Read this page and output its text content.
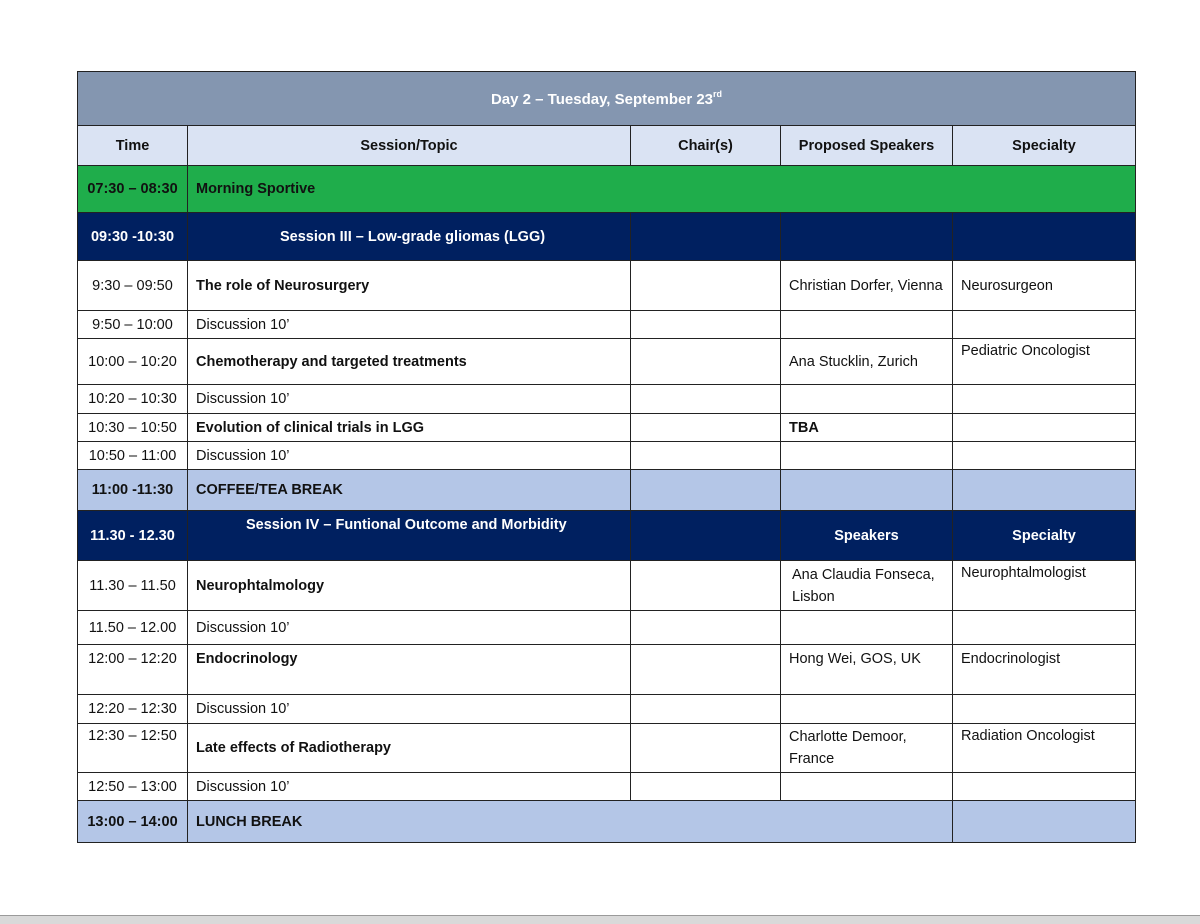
Day 2 – Tuesday, September 23rd
Time	Session/Topic	Chair(s)	Proposed Speakers	Specialty
07:30 – 08:30	Morning Sportive			
09:30 -10:30	Session III – Low-grade gliomas (LGG)			
9:30 – 09:50	The role of Neurosurgery		Christian Dorfer, Vienna	Neurosurgeon
9:50 – 10:00	Discussion 10’			
10:00 – 10:20	Chemotherapy and targeted treatments		Ana Stucklin, Zurich	Pediatric Oncologist
10:20 – 10:30	Discussion 10’			
10:30 – 10:50	Evolution of clinical trials in LGG		TBA	
10:50 – 11:00	Discussion 10’			
11:00 -11:30	COFFEE/TEA BREAK			
11.30 - 12.30	Session IV – Funtional Outcome and Morbidity		Speakers	Specialty
11.30 – 11.50	Neurophtalmology		Ana Claudia Fonseca, Lisbon	Neurophtalmologist
11.50 – 12.00	Discussion 10’			
12:00 – 12:20	Endocrinology		Hong Wei, GOS, UK	Endocrinologist
12:20 – 12:30	Discussion 10’			
12:30 – 12:50	Late effects of Radiotherapy		Charlotte Demoor, France	Radiation Oncologist
12:50 – 13:00	Discussion 10’			
13:00 – 14:00	LUNCH BREAK			
